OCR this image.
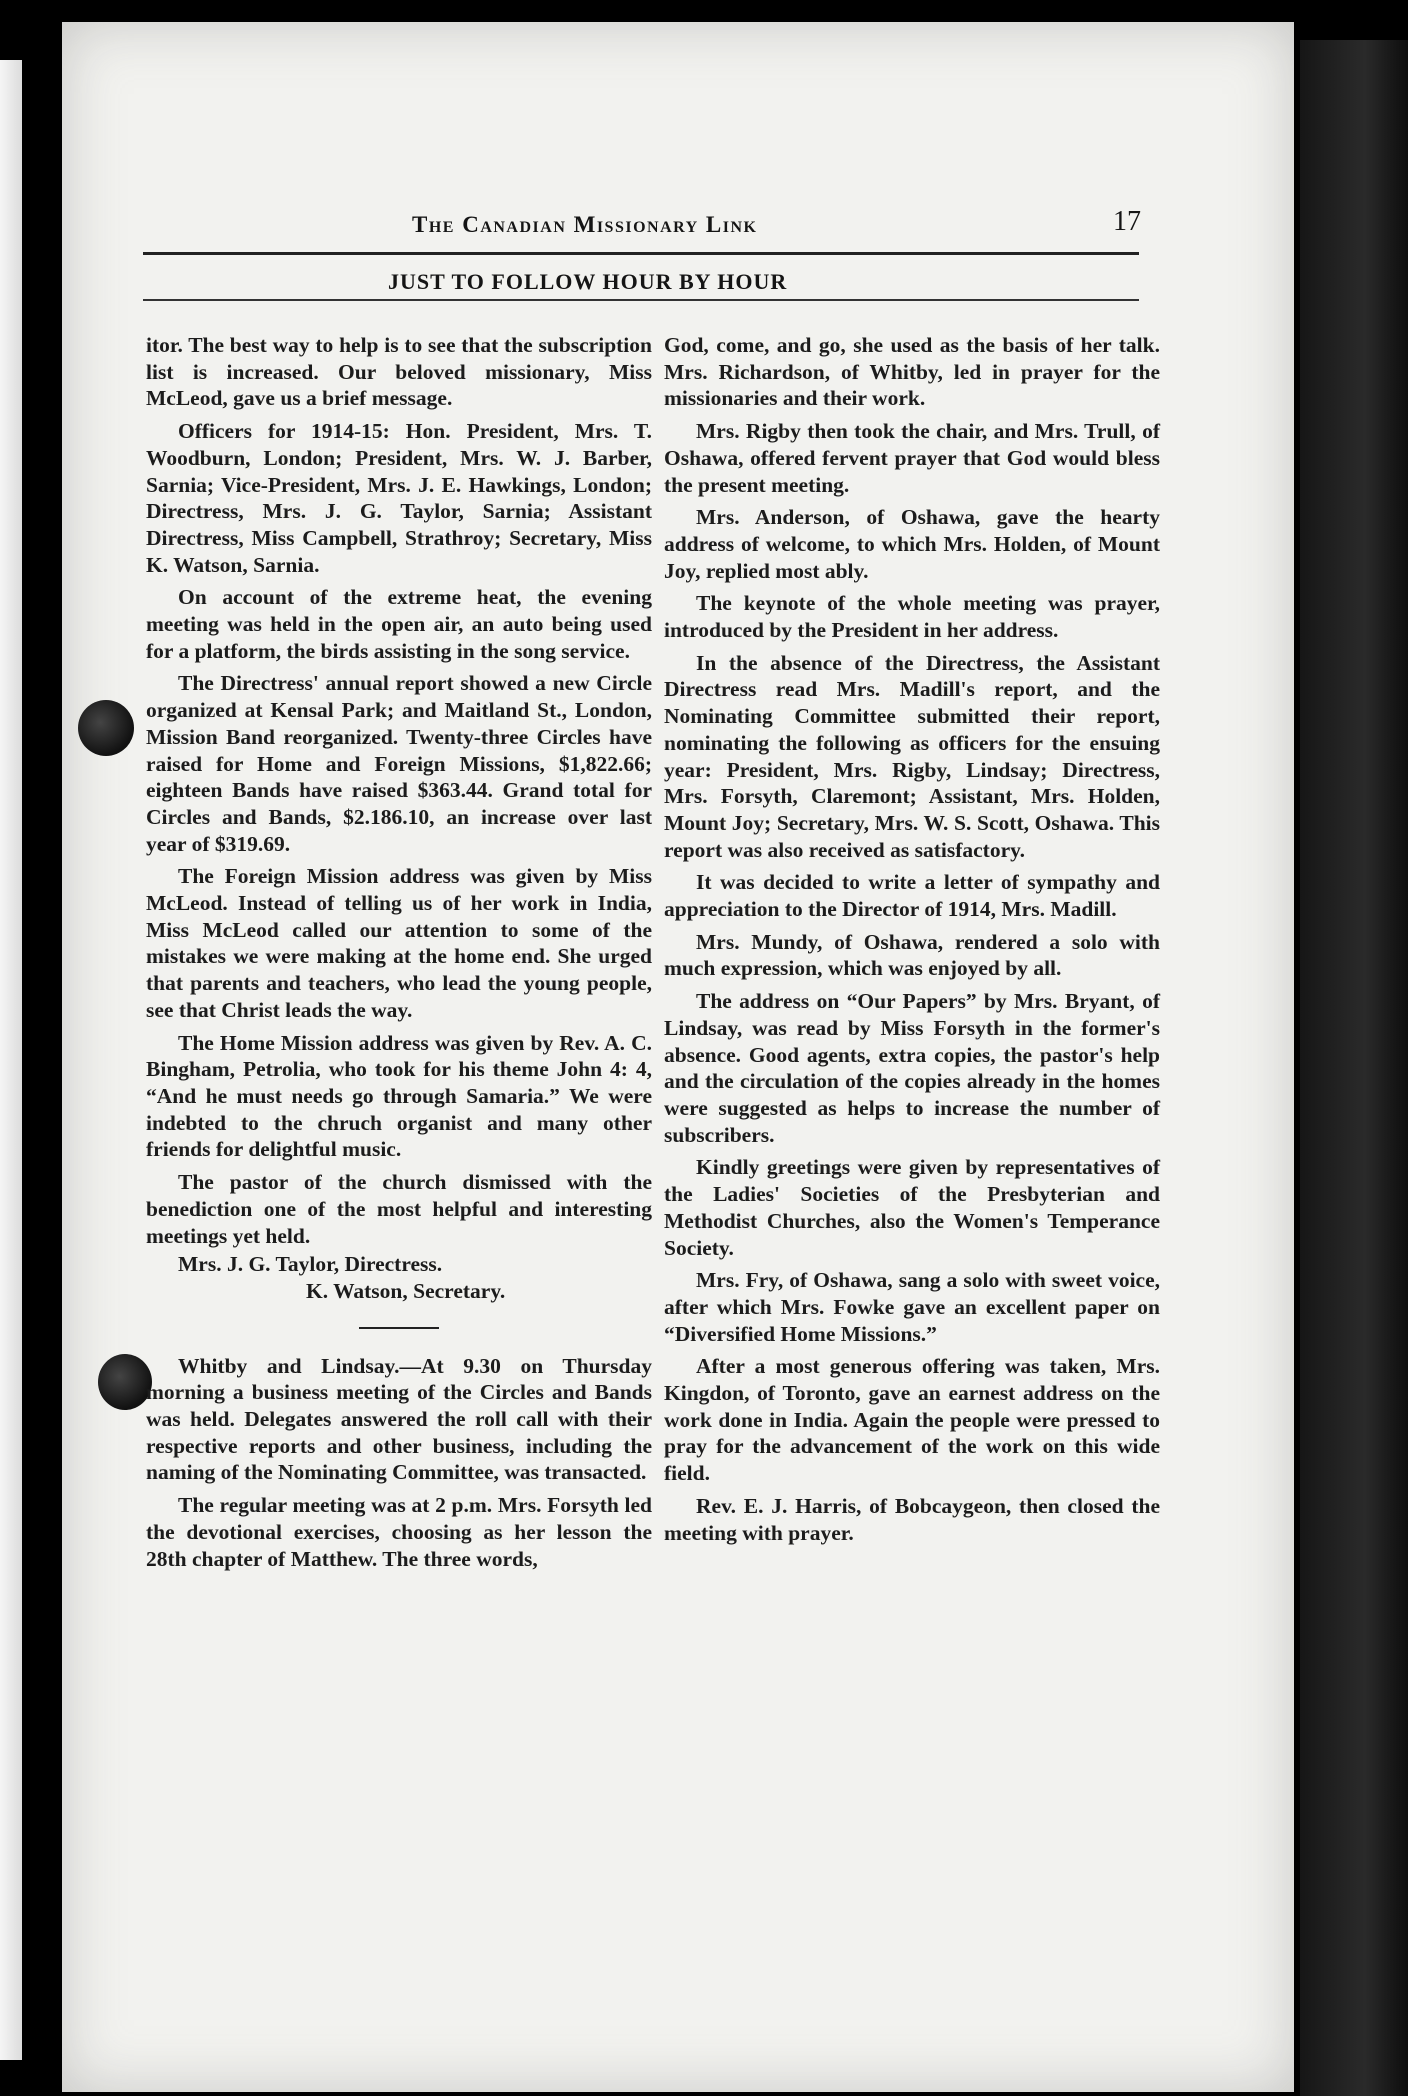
The Canadian Missionary Link	17
JUST TO FOLLOW HOUR BY HOUR

itor. The best way to help is to see that the subscription list is increased. Our beloved missionary, Miss McLeod, gave us a brief message.

Officers for 1914-15: Hon. President, Mrs. T. Woodburn, London; President, Mrs. W. J. Barber, Sarnia; Vice-President, Mrs. J. E. Hawkings, London; Directress, Mrs. J. G. Taylor, Sarnia; Assistant Directress, Miss Campbell, Strathroy; Secretary, Miss K. Watson, Sarnia.

On account of the extreme heat, the evening meeting was held in the open air, an auto being used for a platform, the birds assisting in the song service.

The Directress' annual report showed a new Circle organized at Kensal Park; and Maitland St., London, Mission Band reorganized. Twenty-three Circles have raised for Home and Foreign Missions, $1,822.66; eighteen Bands have raised $363.44. Grand total for Circles and Bands, $2.186.10, an increase over last year of $319.69.

The Foreign Mission address was given by Miss McLeod. Instead of telling us of her work in India, Miss McLeod called our attention to some of the mistakes we were making at the home end. She urged that parents and teachers, who lead the young people, see that Christ leads the way.

The Home Mission address was given by Rev. A. C. Bingham, Petrolia, who took for his theme John 4: 4, “And he must needs go through Samaria.” We were indebted to the chruch organist and many other friends for delightful music.

The pastor of the church dismissed with the benediction one of the most helpful and interesting meetings yet held.

Mrs. J. G. Taylor, Directress.

K. Watson, Secretary.

Whitby and Lindsay.—At 9.30 on Thursday morning a business meeting of the Circles and Bands was held. Delegates answered the roll call with their respective reports and other business, including the naming of the Nominating Committee, was transacted.

The regular meeting was at 2 p.m. Mrs. Forsyth led the devotional exercises, choosing as her lesson the 28th chapter of Matthew. The three words,

God, come, and go, she used as the basis of her talk. Mrs. Richardson, of Whitby, led in prayer for the missionaries and their work.

Mrs. Rigby then took the chair, and Mrs. Trull, of Oshawa, offered fervent prayer that God would bless the present meeting.

Mrs. Anderson, of Oshawa, gave the hearty address of welcome, to which Mrs. Holden, of Mount Joy, replied most ably.

The keynote of the whole meeting was prayer, introduced by the President in her address.

In the absence of the Directress, the Assistant Directress read Mrs. Madill's report, and the Nominating Committee submitted their report, nominating the following as officers for the ensuing year: President, Mrs. Rigby, Lindsay; Directress, Mrs. Forsyth, Claremont; Assistant, Mrs. Holden, Mount Joy; Secretary, Mrs. W. S. Scott, Oshawa. This report was also received as satisfactory.

It was decided to write a letter of sympathy and appreciation to the Director of 1914, Mrs. Madill.

Mrs. Mundy, of Oshawa, rendered a solo with much expression, which was enjoyed by all.

The address on “Our Papers” by Mrs. Bryant, of Lindsay, was read by Miss Forsyth in the former's absence. Good agents, extra copies, the pastor's help and the circulation of the copies already in the homes were suggested as helps to increase the number of subscribers.

Kindly greetings were given by representatives of the Ladies' Societies of the Presbyterian and Methodist Churches, also the Women's Temperance Society.

Mrs. Fry, of Oshawa, sang a solo with sweet voice, after which Mrs. Fowke gave an excellent paper on “Diversified Home Missions.”

After a most generous offering was taken, Mrs. Kingdon, of Toronto, gave an earnest address on the work done in India. Again the people were pressed to pray for the advancement of the work on this wide field.

Rev. E. J. Harris, of Bobcaygeon, then closed the meeting with prayer.
